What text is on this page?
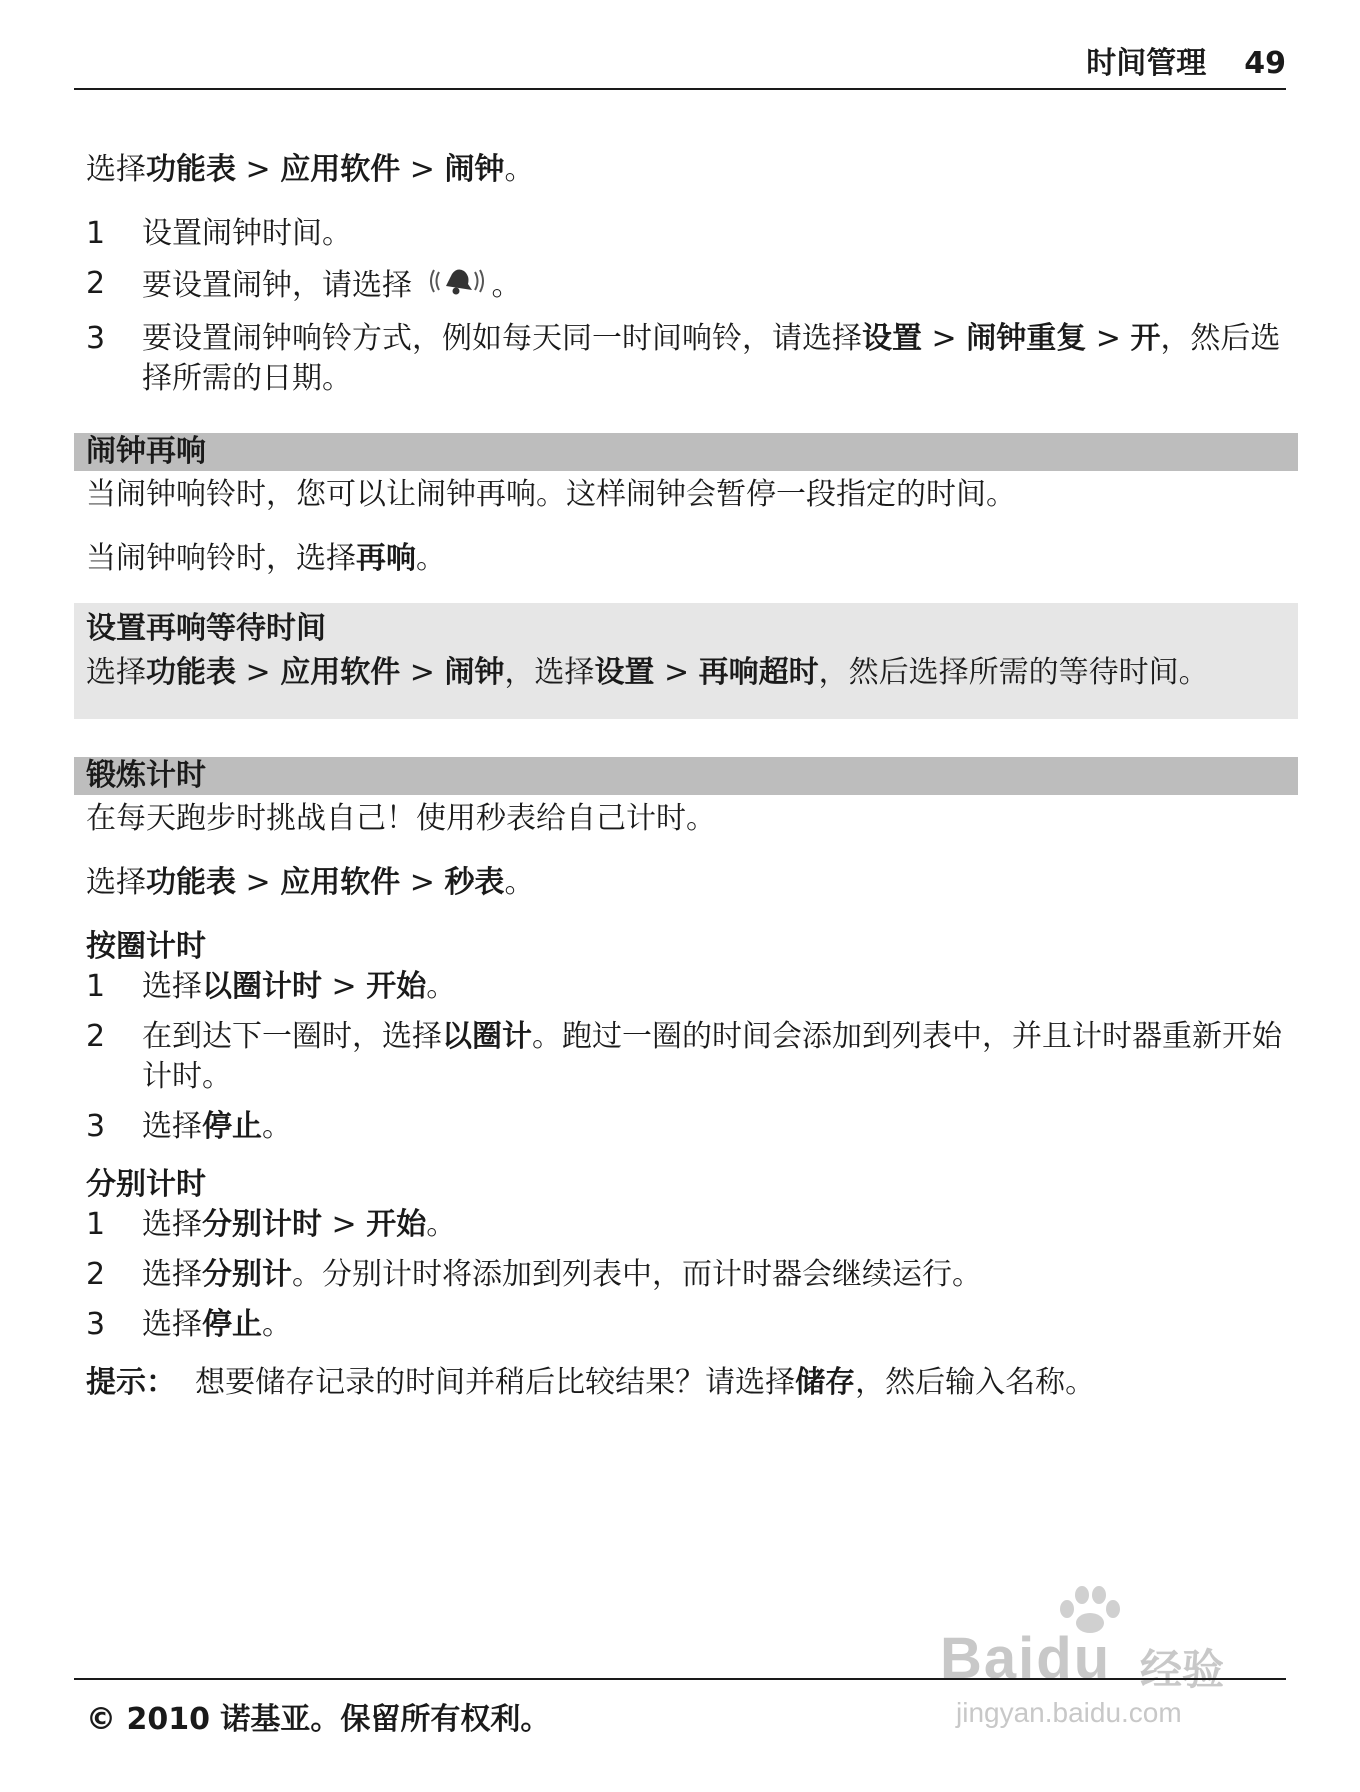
时间管理 49

选择功能表 > 应用软件 > 闹钟。

1	设置闹钟时间。
2	要设置闹钟，请选择 。
3	要设置闹钟响铃方式，例如每天同一时间响铃，请选择设置 > 闹钟重复 > 开，然后选择所需的日期。
闹钟再响

当闹钟响铃时，您可以让闹钟再响。这样闹钟会暂停一段指定的时间。

当闹钟响铃时，选择再响。

设置再响等待时间

选择功能表 > 应用软件 > 闹钟，选择设置 > 再响超时，然后选择所需的等待时间。

锻炼计时

在每天跑步时挑战自己！使用秒表给自己计时。

选择功能表 > 应用软件 > 秒表。

按圈计时

1	选择以圈计时 > 开始。
2	在到达下一圈时，选择以圈计。跑过一圈的时间会添加到列表中，并且计时器重新开始计时。
3	选择停止。

分别计时

1	选择分别计时 > 开始。
2	选择分别计。分别计时将添加到列表中，而计时器会继续运行。
3	选择停止。

提示： 想要储存记录的时间并稍后比较结果？请选择储存，然后输入名称。

Baidu 经验
jingyan.baidu.com
© 2010 诺基亚。保留所有权利。
